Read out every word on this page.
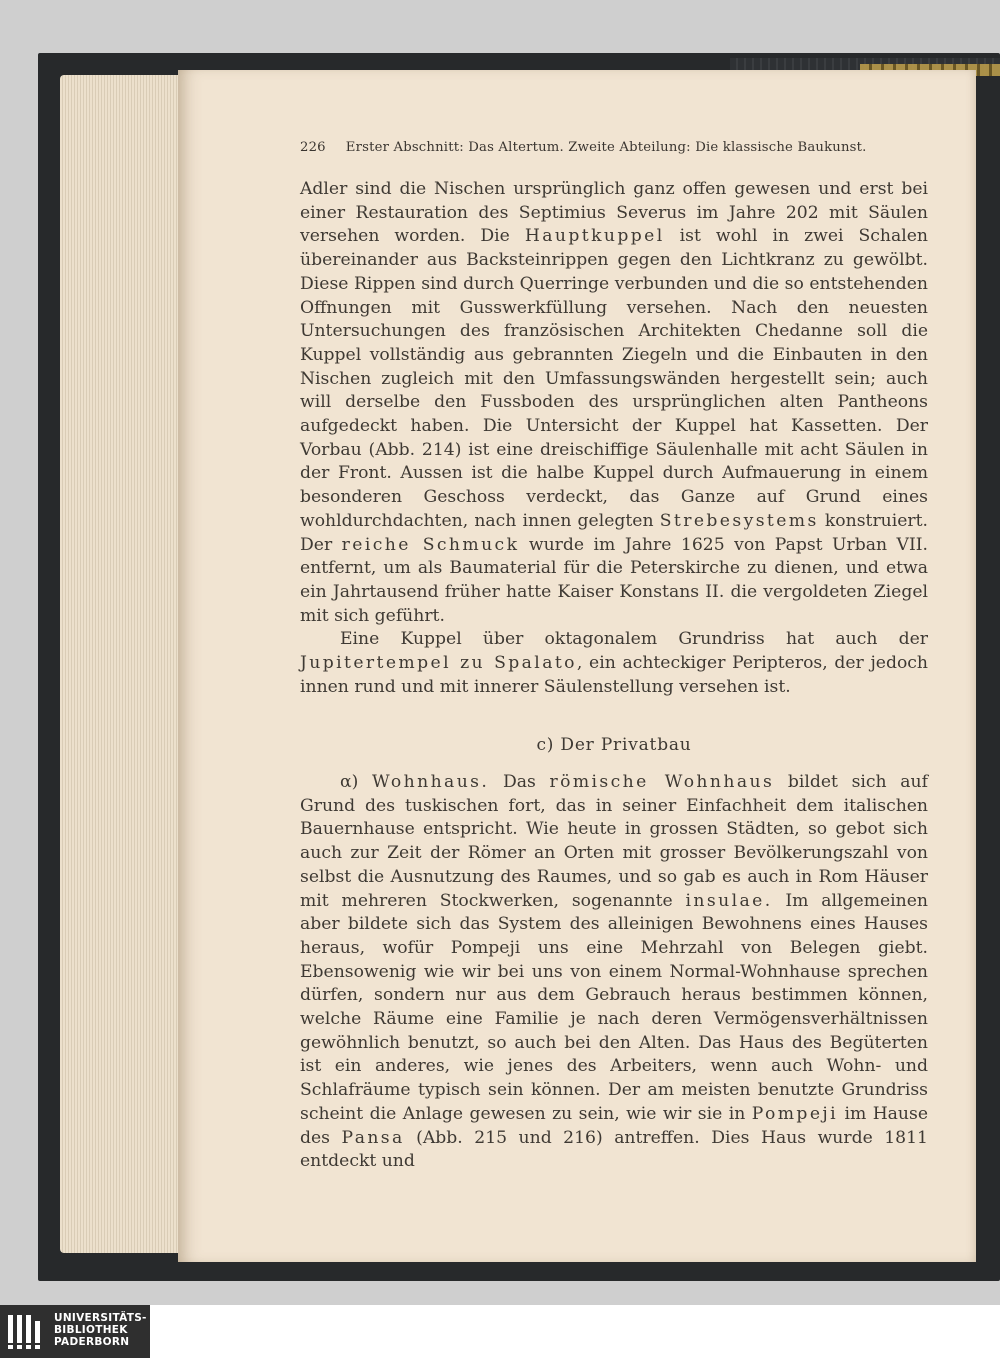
226 Erster Abschnitt: Das Altertum. Zweite Abteilung: Die klassische Baukunst.

Adler sind die Nischen ursprünglich ganz offen gewesen und erst bei einer Restauration des Septimius Severus im Jahre 202 mit Säulen versehen worden. Die Hauptkuppel ist wohl in zwei Schalen übereinander aus Backsteinrippen gegen den Lichtkranz zu gewölbt. Diese Rippen sind durch Querringe verbunden und die so entstehenden Offnungen mit Gusswerkfüllung versehen. Nach den neuesten Untersuchungen des französischen Architekten Chedanne soll die Kuppel vollständig aus gebrannten Ziegeln und die Einbauten in den Nischen zugleich mit den Umfassungswänden hergestellt sein; auch will derselbe den Fussboden des ursprünglichen alten Pantheons aufgedeckt haben. Die Untersicht der Kuppel hat Kassetten. Der Vorbau (Abb. 214) ist eine dreischiffige Säulenhalle mit acht Säulen in der Front. Aussen ist die halbe Kuppel durch Aufmauerung in einem besonderen Geschoss verdeckt, das Ganze auf Grund eines wohldurchdachten, nach innen gelegten Strebesystems konstruiert. Der reiche Schmuck wurde im Jahre 1625 von Papst Urban VII. entfernt, um als Baumaterial für die Peterskirche zu dienen, und etwa ein Jahrtausend früher hatte Kaiser Konstans II. die vergoldeten Ziegel mit sich geführt.

Eine Kuppel über oktagonalem Grundriss hat auch der Jupitertempel zu Spalato, ein achteckiger Peripteros, der jedoch innen rund und mit innerer Säulenstellung versehen ist.

c) Der Privatbau

α) Wohnhaus. Das römische Wohnhaus bildet sich auf Grund des tuskischen fort, das in seiner Einfachheit dem italischen Bauernhause entspricht. Wie heute in grossen Städten, so gebot sich auch zur Zeit der Römer an Orten mit grosser Bevölkerungszahl von selbst die Ausnutzung des Raumes, und so gab es auch in Rom Häuser mit mehreren Stockwerken, sogenannte insulae. Im allgemeinen aber bildete sich das System des alleinigen Bewohnens eines Hauses heraus, wofür Pompeji uns eine Mehrzahl von Belegen giebt. Ebensowenig wie wir bei uns von einem Normal-Wohnhause sprechen dürfen, sondern nur aus dem Gebrauch heraus bestimmen können, welche Räume eine Familie je nach deren Vermögensverhältnissen gewöhnlich benutzt, so auch bei den Alten. Das Haus des Begüterten ist ein anderes, wie jenes des Arbeiters, wenn auch Wohn- und Schlafräume typisch sein können. Der am meisten benutzte Grundriss scheint die Anlage gewesen zu sein, wie wir sie in Pompeji im Hause des Pansa (Abb. 215 und 216) antreffen. Dies Haus wurde 1811 entdeckt und

UNIVERSITÄTS-
BIBLIOTHEK
PADERBORN
